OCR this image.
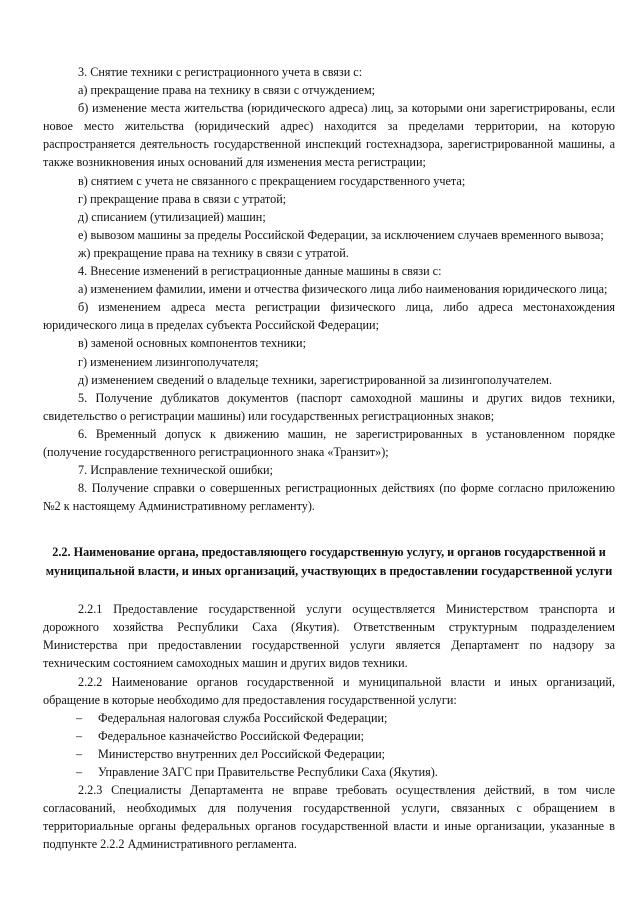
3. Снятие техники с регистрационного учета в связи с:

а) прекращение права на технику в связи с отчуждением;

б) изменение места жительства (юридического адреса) лиц, за которыми они зарегистрированы, если новое место жительства (юридический адрес) находится за пределами территории, на которую распространяется деятельность государственной инспекций гостехнадзора, зарегистрированной машины, а также возникновения иных оснований для изменения места регистрации;

в) снятием с учета не связанного с прекращением государственного учета;

г) прекращение права в связи с утратой;

д) списанием (утилизацией) машин;

е) вывозом машины за пределы Российской Федерации, за исключением случаев временного вывоза;

ж) прекращение права на технику в связи с утратой.

4. Внесение изменений в регистрационные данные машины в связи с:

а) изменением фамилии, имени и отчества физического лица либо наименования юридического лица;

б) изменением адреса места регистрации физического лица, либо адреса местонахождения юридического лица в пределах субъекта Российской Федерации;

в) заменой основных компонентов техники;

г) изменением лизингополучателя;

д) изменением сведений о владельце техники, зарегистрированной за лизингополучателем.

5. Получение дубликатов документов (паспорт самоходной машины и других видов техники, свидетельство о регистрации машины) или государственных регистрационных знаков;

6. Временный допуск к движению машин, не зарегистрированных в установленном порядке (получение государственного регистрационного знака «Транзит»);

7. Исправление технической ошибки;

8. Получение справки о совершенных регистрационных действиях (по форме согласно приложению №2 к настоящему Административному регламенту).

2.2. Наименование органа, предоставляющего государственную услугу, и органов государственной и муниципальной власти, и иных организаций, участвующих в предоставлении государственной услуги

2.2.1 Предоставление государственной услуги осуществляется Министерством транспорта и дорожного хозяйства Республики Саха (Якутия). Ответственным структурным подразделением Министерства при предоставлении государственной услуги является Департамент по надзору за техническим состоянием самоходных машин и других видов техники.

2.2.2 Наименование органов государственной и муниципальной власти и иных организаций, обращение в которые необходимо для предоставления государственной услуги:

– Федеральная налоговая служба Российской Федерации;

– Федеральное казначейство Российской Федерации;

– Министерство внутренних дел Российской Федерации;

– Управление ЗАГС при Правительстве Республики Саха (Якутия).

2.2.3 Специалисты Департамента не вправе требовать осуществления действий, в том числе согласований, необходимых для получения государственной услуги, связанных с обращением в территориальные органы федеральных органов государственной власти и иные организации, указанные в подпункте 2.2.2 Административного регламента.
